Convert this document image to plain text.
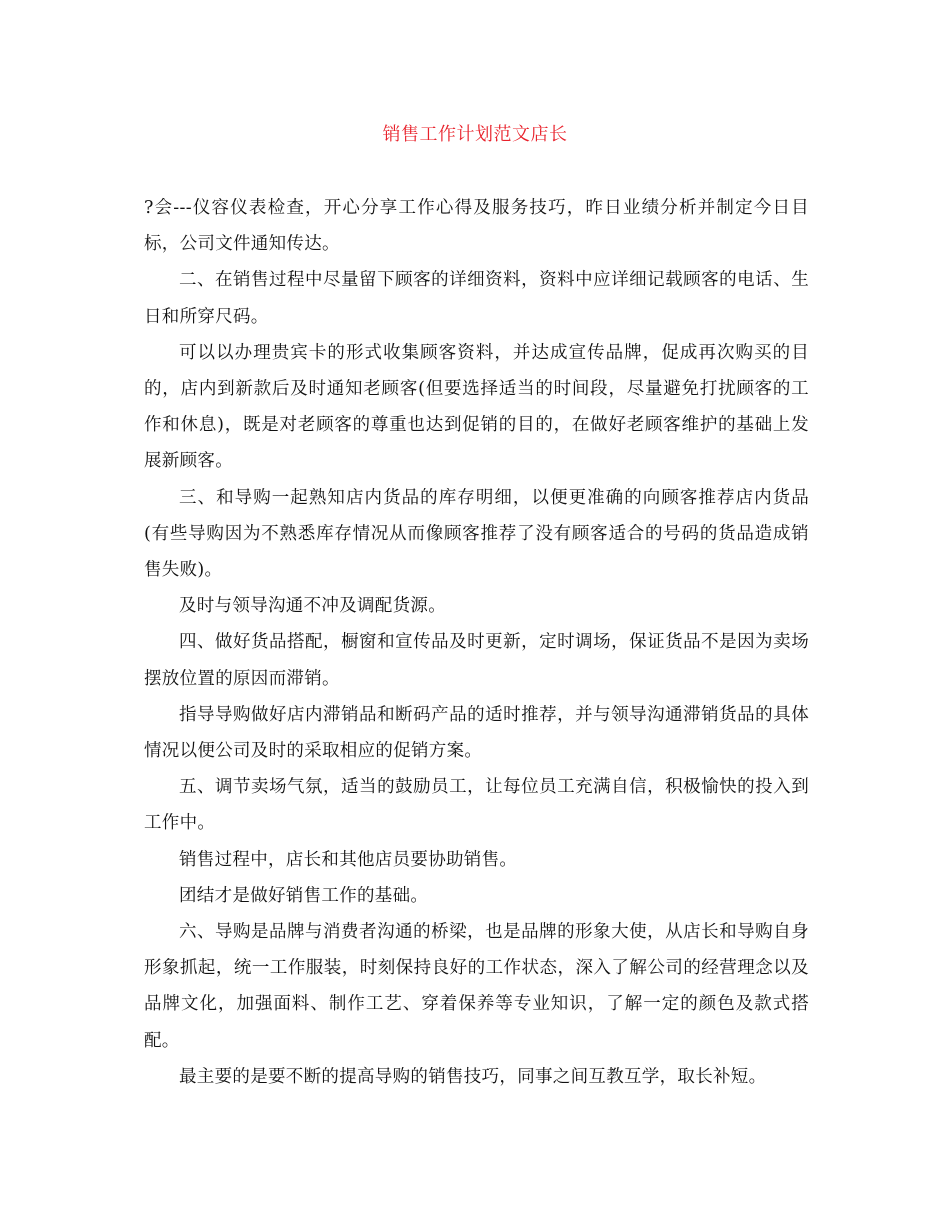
销售工作计划范文店长

?会---仪容仪表检查，开心分享工作心得及服务技巧，昨日业绩分析并制定今日目标，公司文件通知传达。

二、在销售过程中尽量留下顾客的详细资料，资料中应详细记载顾客的电话、生日和所穿尺码。

可以以办理贵宾卡的形式收集顾客资料，并达成宣传品牌，促成再次购买的目的，店内到新款后及时通知老顾客(但要选择适当的时间段，尽量避免打扰顾客的工作和休息)，既是对老顾客的尊重也达到促销的目的，在做好老顾客维护的基础上发展新顾客。

三、和导购一起熟知店内货品的库存明细，以便更准确的向顾客推荐店内货品(有些导购因为不熟悉库存情况从而像顾客推荐了没有顾客适合的号码的货品造成销售失败)。

及时与领导沟通不冲及调配货源。

四、做好货品搭配，橱窗和宣传品及时更新，定时调场，保证货品不是因为卖场摆放位置的原因而滞销。

指导导购做好店内滞销品和断码产品的适时推荐，并与领导沟通滞销货品的具体情况以便公司及时的采取相应的促销方案。

五、调节卖场气氛，适当的鼓励员工，让每位员工充满自信，积极愉快的投入到工作中。

销售过程中，店长和其他店员要协助销售。

团结才是做好销售工作的基础。

六、导购是品牌与消费者沟通的桥梁，也是品牌的形象大使，从店长和导购自身形象抓起，统一工作服装，时刻保持良好的工作状态，深入了解公司的经营理念以及品牌文化，加强面料、制作工艺、穿着保养等专业知识，了解一定的颜色及款式搭配。

最主要的是要不断的提高导购的销售技巧，同事之间互教互学，取长补短。
